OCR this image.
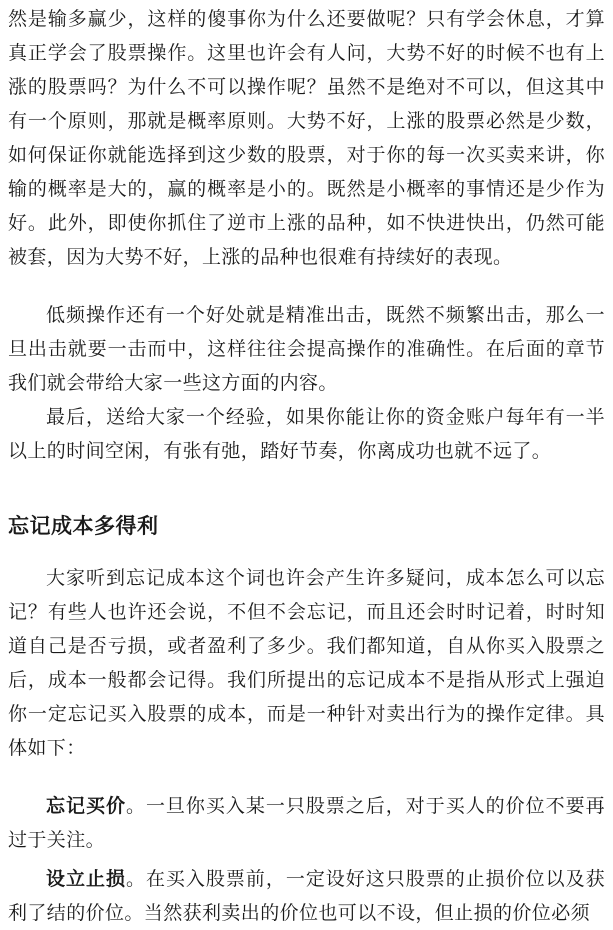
然是输多赢少，这样的傻事你为什么还要做呢？只有学会休息，才算真正学会了股票操作。这里也许会有人问，大势不好的时候不也有上涨的股票吗？为什么不可以操作呢？虽然不是绝对不可以，但这其中有一个原则，那就是概率原则。大势不好，上涨的股票必然是少数，如何保证你就能选择到这少数的股票，对于你的每一次买卖来讲，你输的概率是大的，赢的概率是小的。既然是小概率的事情还是少作为好。此外，即使你抓住了逆市上涨的品种，如不快进快出，仍然可能被套，因为大势不好，上涨的品种也很难有持续好的表现。

低频操作还有一个好处就是精准出击，既然不频繁出击，那么一旦出击就要一击而中，这样往往会提高操作的准确性。在后面的章节我们就会带给大家一些这方面的内容。

最后，送给大家一个经验，如果你能让你的资金账户每年有一半以上的时间空闲，有张有弛，踏好节奏，你离成功也就不远了。

忘记成本多得利

大家听到忘记成本这个词也许会产生许多疑问，成本怎么可以忘记？有些人也许还会说，不但不会忘记，而且还会时时记着，时时知道自己是否亏损，或者盈利了多少。我们都知道，自从你买入股票之后，成本一般都会记得。我们所提出的忘记成本不是指从形式上强迫你一定忘记买入股票的成本，而是一种针对卖出行为的操作定律。具体如下：

忘记买价。一旦你买入某一只股票之后，对于买人的价位不要再过于关注。

设立止损。在买入股票前，一定设好这只股票的止损价位以及获利了结的价位。当然获利卖出的价位也可以不设，但止损的价位必须
